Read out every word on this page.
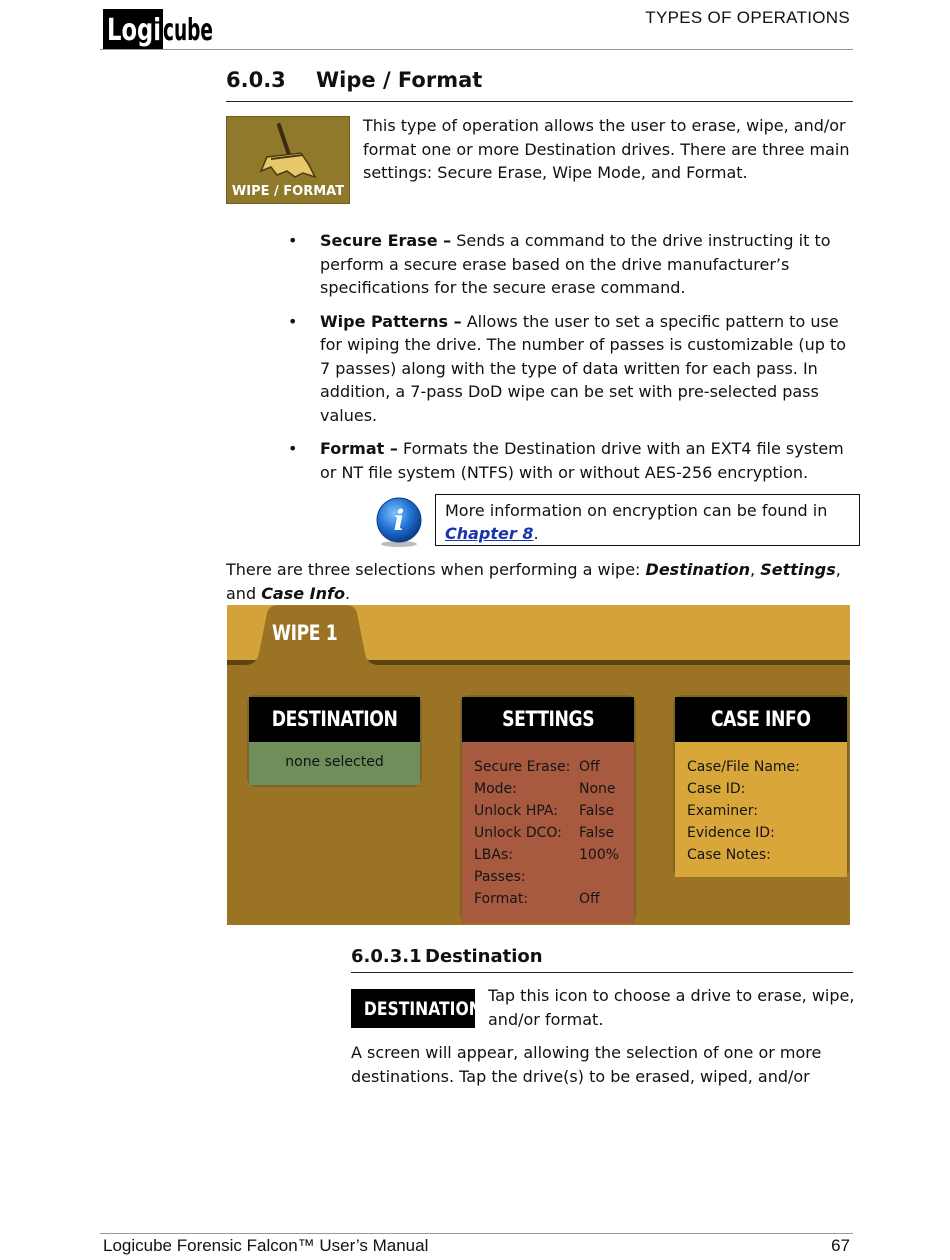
Logi cube	TYPES OF OPERATIONS
6.0.3 Wipe / Format
WIPE / FORMAT
This type of operation allows the user to erase, wipe, and/or format one or more Destination drives. There are three main settings: Secure Erase, Wipe Mode, and Format.
• Secure Erase – Sends a command to the drive instructing it to perform a secure erase based on the drive manufacturer’s specifications for the secure erase command.
• Wipe Patterns – Allows the user to set a specific pattern to use for wiping the drive. The number of passes is customizable (up to 7 passes) along with the type of data written for each pass. In addition, a 7-pass DoD wipe can be set with pre-selected pass values.
• Format – Formats the Destination drive with an EXT4 file system or NT file system (NTFS) with or without AES-256 encryption.
i	More information on encryption can be found in Chapter 8.
There are three selections when performing a wipe: Destination, Settings, and Case Info.
WIPE 1
DESTINATION
none selected
SETTINGS
Secure Erase: Off
Mode:	None
Unlock HPA: False
Unlock DCO: False
LBAs:	100%
Passes:
Format:	Off
CASE INFO
Case/File Name:
Case ID:
Examiner:
Evidence ID:
Case Notes:
6.0.3.1 Destination
DESTINATION
Tap this icon to choose a drive to erase, wipe, and/or format.
A screen will appear, allowing the selection of one or more destinations. Tap the drive(s) to be erased, wiped, and/or
Logicube Forensic Falcon™ User’s Manual	67
